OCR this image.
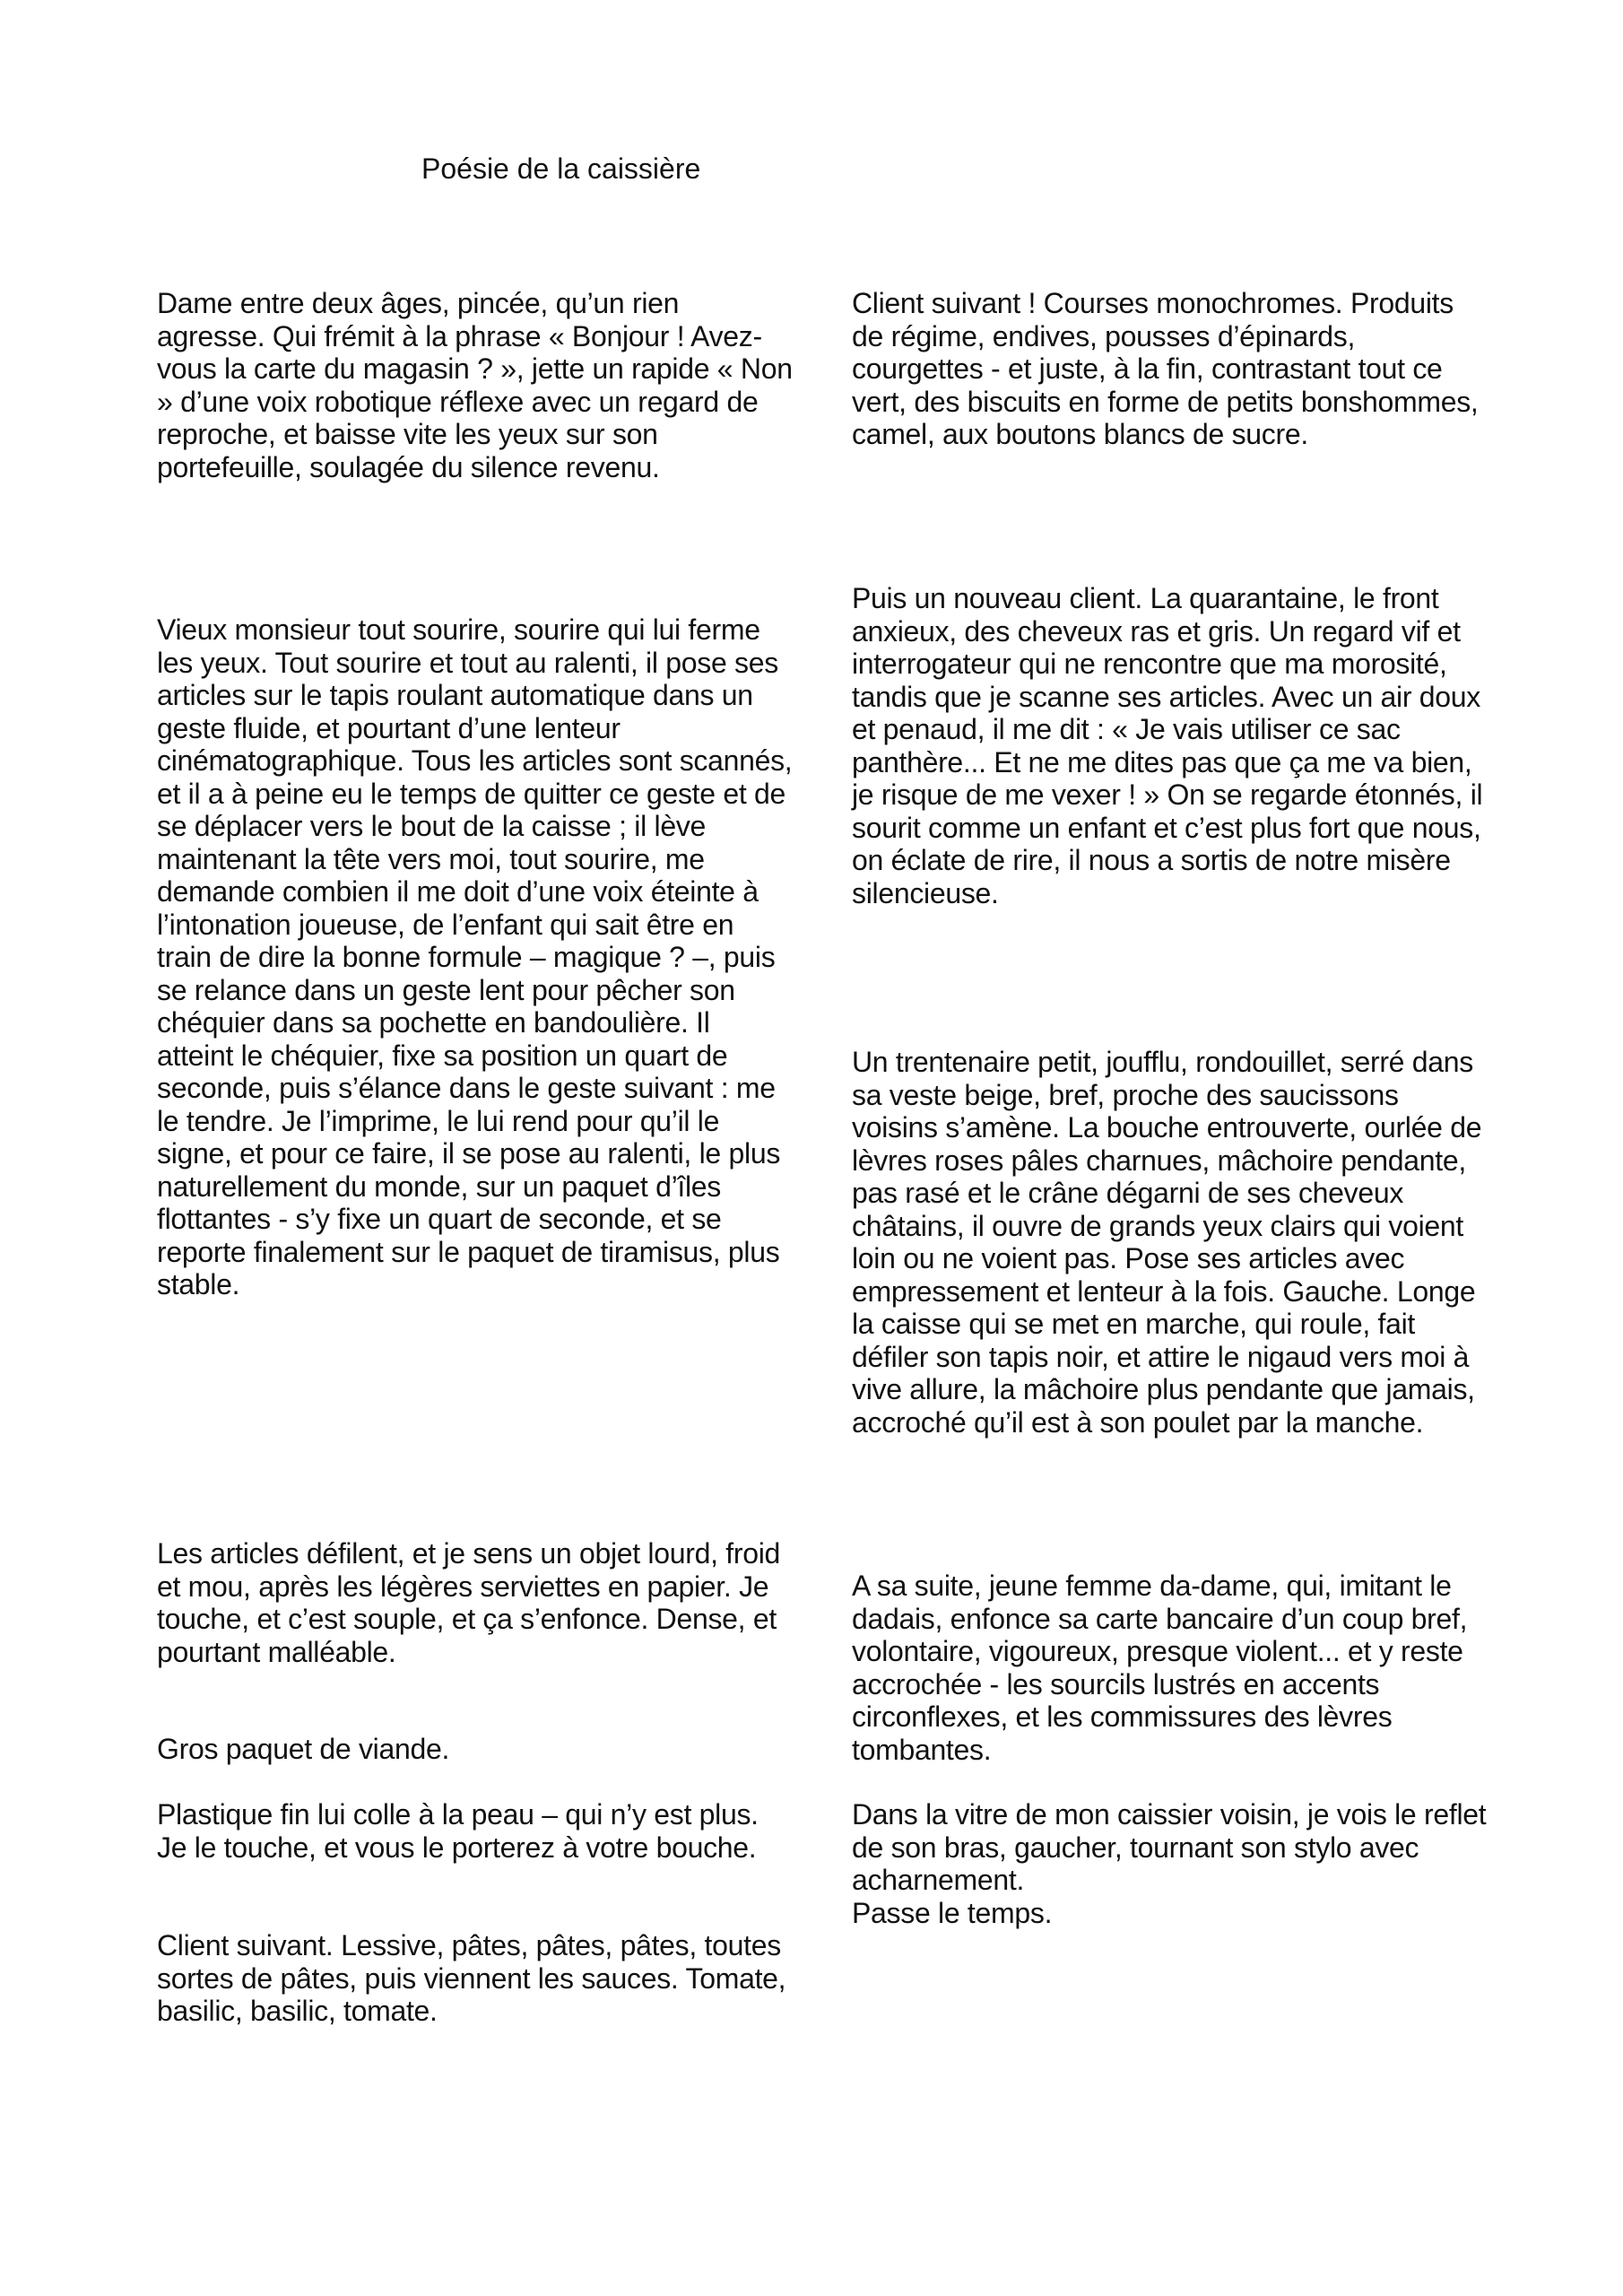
Poésie de la caissière

Dame entre deux âges, pincée, qu’un rien agresse. Qui frémit à la phrase « Bonjour ! Avez-vous la carte du magasin ? », jette un rapide « Non » d’une voix robotique réflexe avec un regard de reproche, et baisse vite les yeux sur son portefeuille, soulagée du silence revenu.

Vieux monsieur tout sourire, sourire qui lui ferme les yeux. Tout sourire et tout au ralenti, il pose ses articles sur le tapis roulant automatique dans un geste fluide, et pourtant d’une lenteur cinématographique. Tous les articles sont scannés, et il a à peine eu le temps de quitter ce geste et de se déplacer vers le bout de la caisse ; il lève maintenant la tête vers moi, tout sourire, me demande combien il me doit d’une voix éteinte à l’intonation joueuse, de l’enfant qui sait être en train de dire la bonne formule – magique ? –, puis se relance dans un geste lent pour pêcher son chéquier dans sa pochette en bandoulière. Il atteint le chéquier, fixe sa position un quart de seconde, puis s’élance dans le geste suivant : me le tendre. Je l’imprime, le lui rend pour qu’il le signe, et pour ce faire, il se pose au ralenti, le plus naturellement du monde, sur un paquet d’îles flottantes - s’y fixe un quart de seconde, et se reporte finalement sur le paquet de tiramisus, plus stable.

Les articles défilent, et je sens un objet lourd, froid et mou, après les légères serviettes en papier. Je touche, et c’est souple, et ça s’enfonce. Dense, et pourtant malléable.

Gros paquet de viande.

Plastique fin lui colle à la peau – qui n’y est plus. Je le touche, et vous le porterez à votre bouche.

Client suivant. Lessive, pâtes, pâtes, pâtes, toutes sortes de pâtes, puis viennent les sauces. Tomate, basilic, basilic, tomate.

Client suivant ! Courses monochromes. Produits de régime, endives, pousses d’épinards, courgettes - et juste, à la fin, contrastant tout ce vert, des biscuits en forme de petits bonshommes, camel, aux boutons blancs de sucre.

Puis un nouveau client. La quarantaine, le front anxieux, des cheveux ras et gris. Un regard vif et interrogateur qui ne rencontre que ma morosité, tandis que je scanne ses articles. Avec un air doux et penaud, il me dit : « Je vais utiliser ce sac panthère... Et ne me dites pas que ça me va bien, je risque de me vexer ! » On se regarde étonnés, il sourit comme un enfant et c’est plus fort que nous, on éclate de rire, il nous a sortis de notre misère silencieuse.

Un trentenaire petit, joufflu, rondouillet, serré dans sa veste beige, bref, proche des saucissons voisins s’amène. La bouche entrouverte, ourlée de lèvres roses pâles charnues, mâchoire pendante, pas rasé et le crâne dégarni de ses cheveux châtains, il ouvre de grands yeux clairs qui voient loin ou ne voient pas. Pose ses articles avec empressement et lenteur à la fois. Gauche. Longe la caisse qui se met en marche, qui roule, fait défiler son tapis noir, et attire le nigaud vers moi à vive allure, la mâchoire plus pendante que jamais, accroché qu’il est à son poulet par la manche.

A sa suite, jeune femme da-dame, qui, imitant le dadais, enfonce sa carte bancaire d’un coup bref, volontaire, vigoureux, presque violent... et y reste accrochée - les sourcils lustrés en accents circonflexes, et les commissures des lèvres tombantes.

Dans la vitre de mon caissier voisin, je vois le reflet de son bras, gaucher, tournant son stylo avec acharnement.

Passe le temps.
